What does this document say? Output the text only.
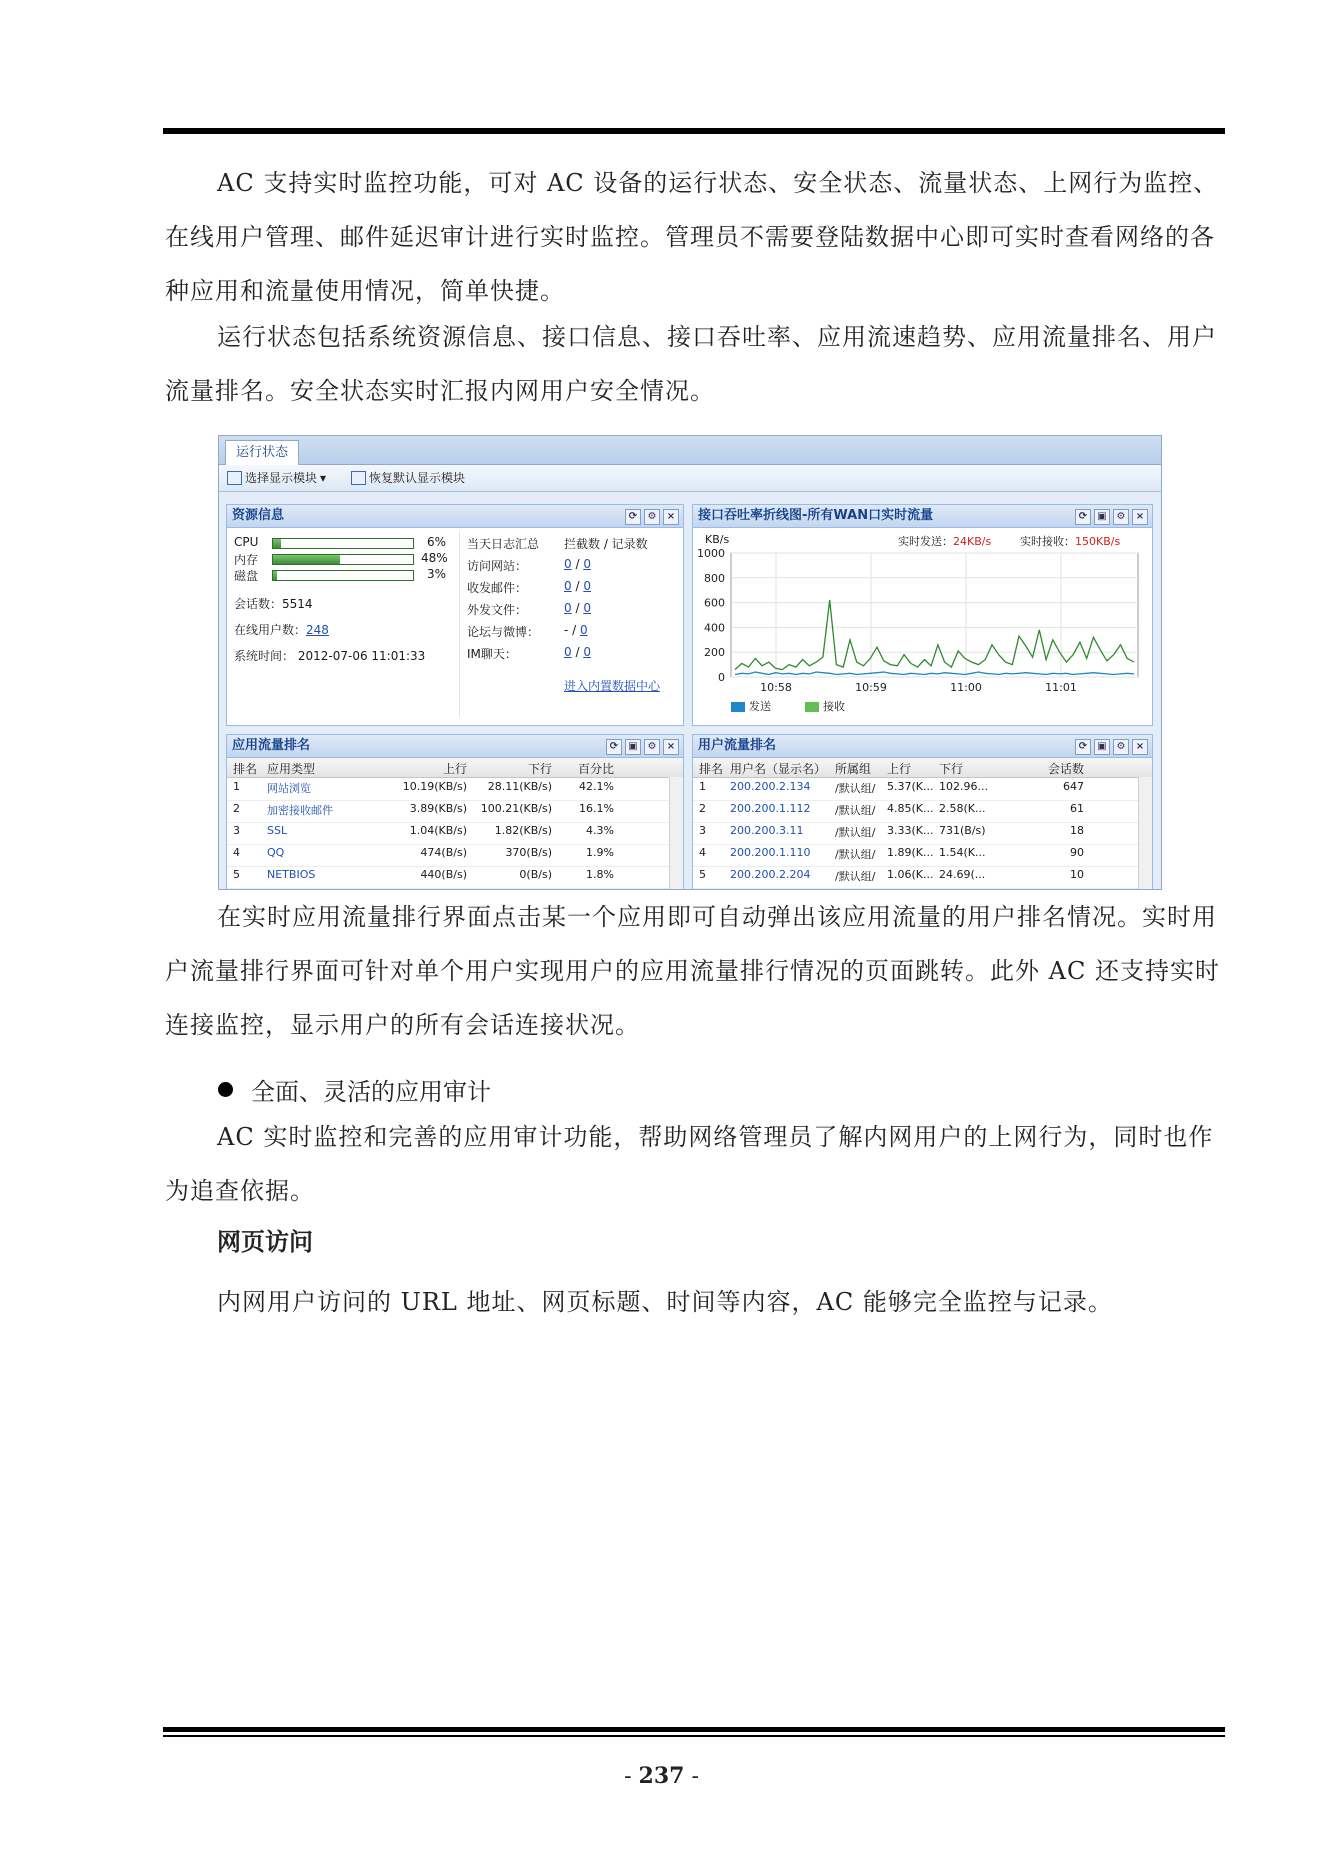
AC 支持实时监控功能，可对 AC 设备的运行状态、安全状态、流量状态、上网行为监控、在线用户管理、邮件延迟审计进行实时监控。管理员不需要登陆数据中心即可实时查看网络的各种应用和流量使用情况，简单快捷。

运行状态包括系统资源信息、接口信息、接口吞吐率、应用流速趋势、应用流量排名、用户流量排名。安全状态实时汇报内网用户安全情况。

运行状态
选择显示模块 ▾	恢复默认显示模块
资源信息	⟳	⚙	×
CPU	6%
内存	48%
磁盘	3%
会话数：5514
在线用户数：248
系统时间： 2012-07-06 11:01:33
当天日志汇总 拦截数 / 记录数
访问网站：	0 / 0
收发邮件：	0 / 0
外发文件：	0 / 0
论坛与微博： - / 0
IM聊天：	0 / 0
进入内置数据中心
接口吞吐率折线图-所有WAN口实时流量	⟳	▣ ⚙	×
KB/s	实时发送：24KB/s	实时接收：150KB/s
1000
800
600
400
200
0
10:58	10:59	11:00	11:01
发送	接收
应用流量排名	⟳	▣ ⚙	×
排名 应用类型	上行	下行	百分比
1 网站浏览	10.19(KB/s)	28.11(KB/s)	42.1%
2 加密接收邮件	3.89(KB/s)	100.21(KB/s)	16.1%
3 SSL	1.04(KB/s)	1.82(KB/s)	4.3%
4 QQ	474(B/s)	370(B/s)	1.9%
5 NETBIOS	440(B/s)	0(B/s)	1.8%
用户流量排名	⟳	▣ ⚙	×
排名 用户名（显示名） 所属组 上行 下行	会话数
1 200.200.2.134 /默认组/ 5.37(K... 102.96...	647
2 200.200.1.112 /默认组/ 4.85(K... 2.58(K...	61
3 200.200.3.11	/默认组/ 3.33(K... 731(B/s)	18
4 200.200.1.110 /默认组/ 1.89(K... 1.54(K...	90
5 200.200.2.204 /默认组/ 1.06(K... 24.69(...	10

在实时应用流量排行界面点击某一个应用即可自动弹出该应用流量的用户排名情况。实时用户流量排行界面可针对单个用户实现用户的应用流量排行情况的页面跳转。此外 AC 还支持实时连接监控，显示用户的所有会话连接状况。

全面、灵活的应用审计

AC 实时监控和完善的应用审计功能，帮助网络管理员了解内网用户的上网行为，同时也作为追查依据。

网页访问

内网用户访问的 URL 地址、网页标题、时间等内容，AC 能够完全监控与记录。

- 237 -
